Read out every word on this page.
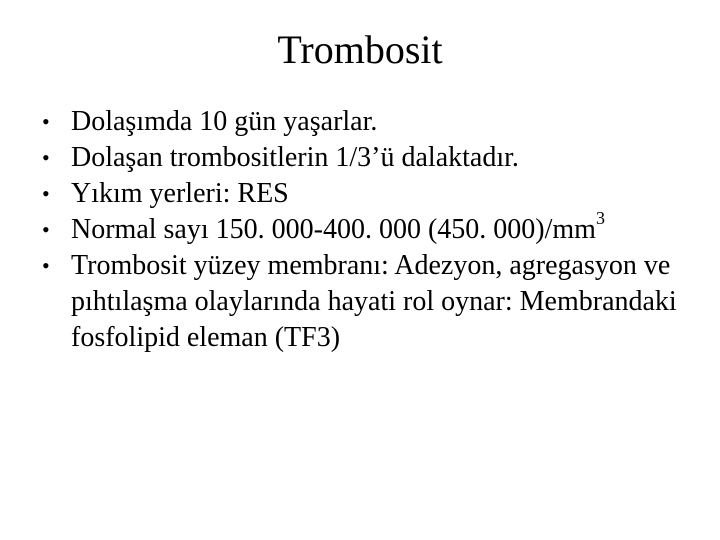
Trombosit
• Dolaşımda 10 gün yaşarlar.
• Dolaşan trombositlerin 1/3’ü dalaktadır.
• Yıkım yerleri: RES
• Normal sayı 150. 000-400. 000 (450. $000)/mm^3$
• Trombosit yüzey membranı: Adezyon, agregasyon ve pıhtılaşma olaylarında hayati rol oynar: Membrandaki fosfolipid eleman (TF3)
